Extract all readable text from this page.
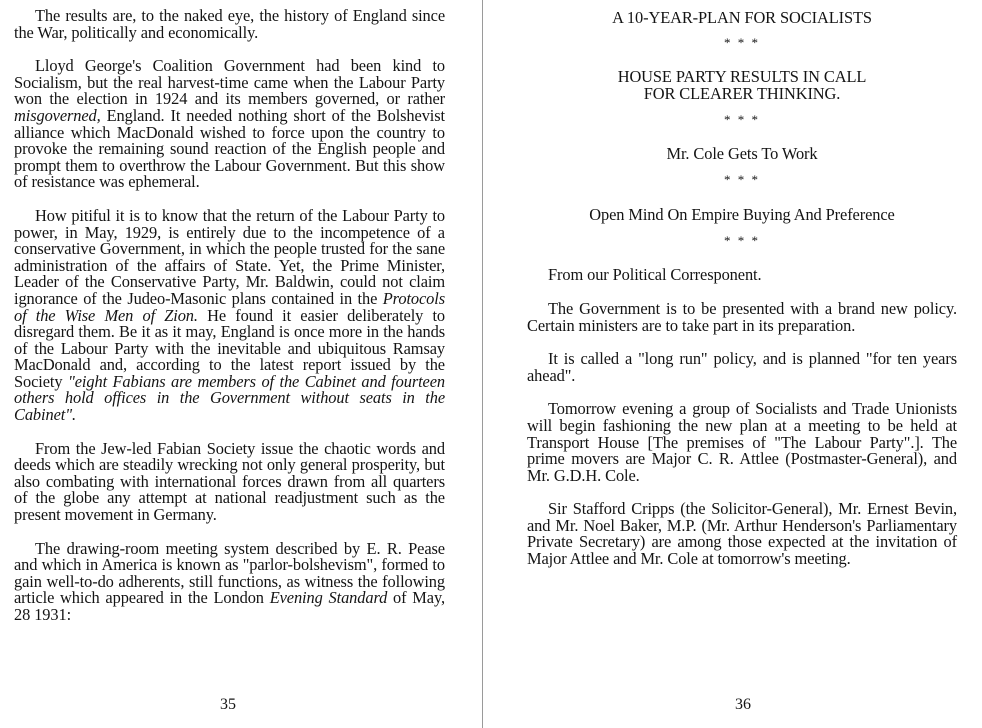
The results are, to the naked eye, the history of England since the War, politically and economically.

Lloyd George's Coalition Government had been kind to Socialism, but the real harvest-time came when the Labour Party won the election in 1924 and its members governed, or rather misgoverned, England. It needed nothing short of the Bolshevist alliance which MacDonald wished to force upon the country to provoke the remaining sound reaction of the English people and prompt them to overthrow the Labour Government. But this show of resistance was ephemeral.

How pitiful it is to know that the return of the Labour Party to power, in May, 1929, is entirely due to the incompetence of a conservative Government, in which the people trusted for the sane administration of the affairs of State. Yet, the Prime Minister, Leader of the Conservative Party, Mr. Baldwin, could not claim ignorance of the Judeo-Masonic plans contained in the Protocols of the Wise Men of Zion. He found it easier deliberately to disregard them. Be it as it may, England is once more in the hands of the Labour Party with the inevitable and ubiquitous Ramsay MacDonald and, according to the latest report issued by the Society "eight Fabians are members of the Cabinet and fourteen others hold offices in the Government without seats in the Cabinet".

From the Jew-led Fabian Society issue the chaotic words and deeds which are steadily wrecking not only general prosperity, but also combating with international forces drawn from all quarters of the globe any attempt at national readjustment such as the present movement in Germany.

The drawing-room meeting system described by E. R. Pease and which in America is known as "parlor-bolshevism", formed to gain well-to-do adherents, still functions, as witness the following article which appeared in the London Evening Standard of May, 28 1931:

35

A 10-YEAR-PLAN FOR SOCIALISTS

* * *

HOUSE PARTY RESULTS IN CALL

FOR CLEARER THINKING.

* * *

Mr. Cole Gets To Work

* * *

Open Mind On Empire Buying And Preference

* * *

From our Political Corresponent.

The Government is to be presented with a brand new policy. Certain ministers are to take part in its preparation.

It is called a "long run" policy, and is planned "for ten years ahead".

Tomorrow evening a group of Socialists and Trade Unionists will begin fashioning the new plan at a meeting to be held at Transport House [The premises of "The Labour Party".]. The prime movers are Major C. R. Attlee (Postmaster-General), and Mr. G.D.H. Cole.

Sir Stafford Cripps (the Solicitor-General), Mr. Ernest Bevin, and Mr. Noel Baker, M.P. (Mr. Arthur Henderson's Parliamentary Private Secretary) are among those expected at the invitation of Major Attlee and Mr. Cole at tomorrow's meeting.

36
